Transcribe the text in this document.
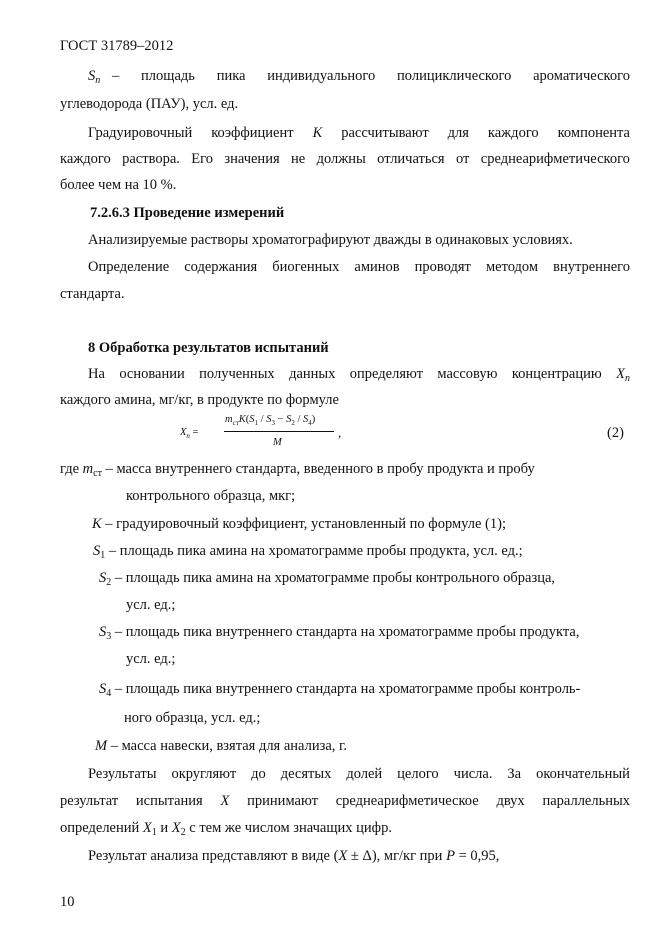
ГОСТ 31789–2012
$S_п$ – площадь пика индивидуального полициклического ароматического
углеводорода (ПАУ), усл. ед.
Градуировочный коэффициент K рассчитывают для каждого компонента
каждого раствора. Его значения не должны отличаться от среднеарифметического
более чем на 10 %.
7.2.6.3 Проведение измерений
Анализируемые растворы хроматографируют дважды в одинаковых условиях.
Определение содержания биогенных аминов проводят методом внутреннего
стандарта.
8 Обработка результатов испытаний
На основании полученных данных определяют массовую концентрацию $X_п$
каждого амина, мг/кг, в продукте по формуле
$X_п$ =
$m_{ст}K(S_1 / S_3 - S_2 / S_4)$
M
,	(2)
где $m_{ст}$ – масса внутреннего стандарта, введенного в пробу продукта и пробу
контрольного образца, мкг;
K – градуировочный коэффициент, установленный по формуле (1);
$S_1$ – площадь пика амина на хроматограмме пробы продукта, усл. ед.;
$S_2$ – площадь пика амина на хроматограмме пробы контрольного образца,
усл. ед.;
$S_3$ – площадь пика внутреннего стандарта на хроматограмме пробы продукта,
усл. ед.;
$S_4$ – площадь пика внутреннего стандарта на хроматограмме пробы контроль-
ного образца, усл. ед.;
M – масса навески, взятая для анализа, г.
Результаты округляют до десятых долей целого числа. За окончательный
результат испытания X принимают среднеарифметическое двух параллельных
определений $X_1$ и $X_2$ с тем же числом значащих цифр.
Результат анализа представляют в виде (X ± Δ), мг/кг при P = 0,95,
10
